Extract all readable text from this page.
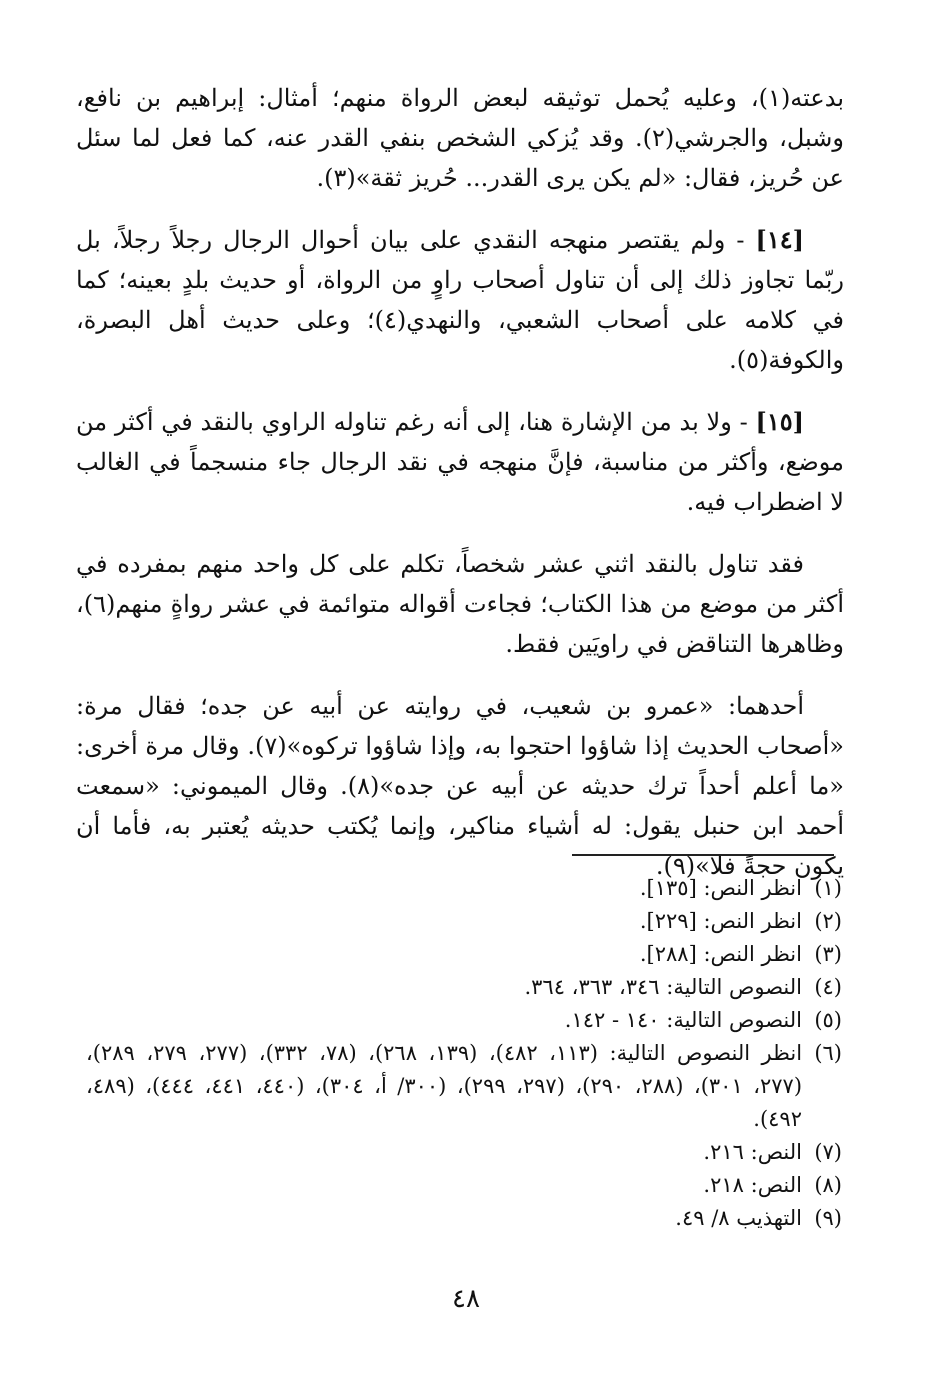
بدعته(١)، وعليه يُحمل توثيقه لبعض الرواة منهم؛ أمثال: إبراهيم بن نافع، وشبل، والجرشي(٢). وقد يُزكي الشخص بنفي القدر عنه، كما فعل لما سئل عن حُريز، فقال: «لم يكن يرى القدر... حُريز ثقة»(٣).

[١٤] - ولم يقتصر منهجه النقدي على بيان أحوال الرجال رجلاً رجلاً، بل ربّما تجاوز ذلك إلى أن تناول أصحاب راوٍ من الرواة، أو حديث بلدٍ بعينه؛ كما في كلامه على أصحاب الشعبي، والنهدي(٤)؛ وعلى حديث أهل البصرة، والكوفة(٥).

[١٥] - ولا بد من الإشارة هنا، إلى أنه رغم تناوله الراوي بالنقد في أكثر من موضع، وأكثر من مناسبة، فإنَّ منهجه في نقد الرجال جاء منسجماً في الغالب لا اضطراب فيه.

فقد تناول بالنقد اثني عشر شخصاً، تكلم على كل واحد منهم بمفرده في أكثر من موضع من هذا الكتاب؛ فجاءت أقواله متوائمة في عشر رواةٍ منهم(٦)، وظاهرها التناقض في راويَين فقط.

أحدهما: «عمرو بن شعيب، في روايته عن أبيه عن جده؛ فقال مرة: «أصحاب الحديث إذا شاؤوا احتجوا به، وإذا شاؤوا تركوه»(٧). وقال مرة أخرى: «ما أعلم أحداً ترك حديثه عن أبيه عن جده»(٨). وقال الميموني: «سمعت أحمد ابن حنبل يقول: له أشياء مناكير، وإنما يُكتب حديثه يُعتبر به، فأما أن يكون حجةً فلا»(٩).

(١)
انظر النص: [١٣٥].
(٢)
انظر النص: [٢٢٩].
(٣)
انظر النص: [٢٨٨].
(٤)
النصوص التالية: ٣٤٦، ٣٦٣، ٣٦٤.
(٥)
النصوص التالية: ١٤٠ - ١٤٢.
(٦)
انظر النصوص التالية: (١١٣، ٤٨٢)، (١٣٩، ٢٦٨)، (٧٨، ٣٣٢)، (٢٧٧، ٢٧٩، ٢٨٩)، (٢٧٧، ٣٠١)، (٢٨٨، ٢٩٠)، (٢٩٧، ٢٩٩)، (٣٠٠/ أ، ٣٠٤)، (٤٤٠، ٤٤١، ٤٤٤)، (٤٨٩، ٤٩٢).
(٧)
النص: ٢١٦.
(٨)
النص: ٢١٨.
(٩)
التهذيب ٨/ ٤٩.
٤٨
